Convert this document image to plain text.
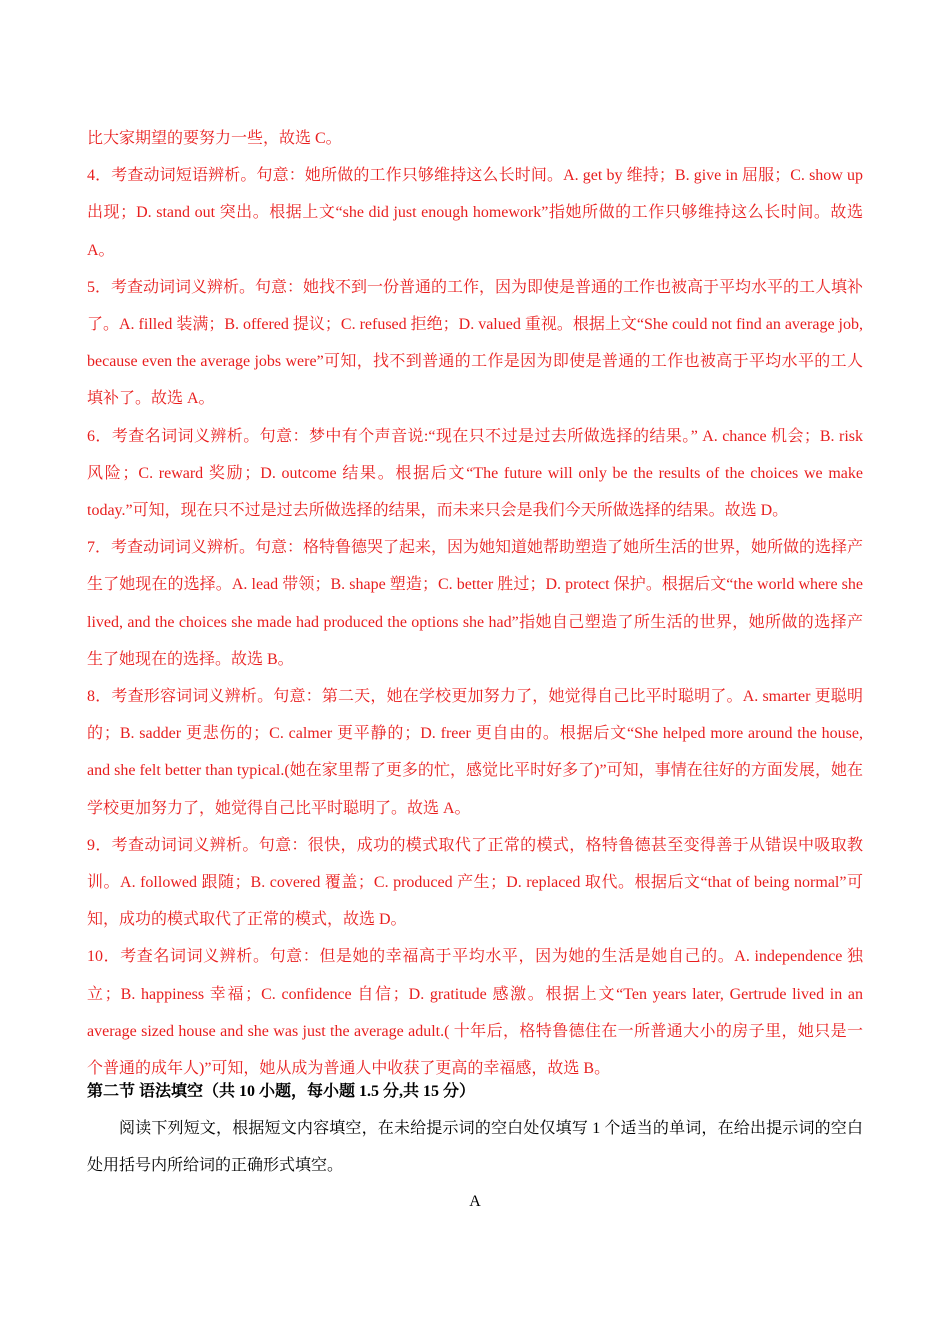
比大家期望的要努力一些，故选 C。

4．考查动词短语辨析。句意：她所做的工作只够维持这么长时间。A. get by 维持；B. give in 屈服；C. show up 出现；D. stand out 突出。根据上文“she did just enough homework”指她所做的工作只够维持这么长时间。故选 A。

5．考查动词词义辨析。句意：她找不到一份普通的工作，因为即使是普通的工作也被高于平均水平的工人填补了。A. filled 装满；B. offered 提议；C. refused 拒绝；D. valued 重视。根据上文“She could not find an average job, because even the average jobs were”可知，找不到普通的工作是因为即使是普通的工作也被高于平均水平的工人填补了。故选 A。

6．考查名词词义辨析。句意：梦中有个声音说:“现在只不过是过去所做选择的结果。” A. chance 机会；B. risk 风险；C. reward 奖励；D. outcome 结果。根据后文“The future will only be the results of the choices we make today.”可知，现在只不过是过去所做选择的结果，而未来只会是我们今天所做选择的结果。故选 D。

7．考查动词词义辨析。句意：格特鲁德哭了起来，因为她知道她帮助塑造了她所生活的世界，她所做的选择产生了她现在的选择。A. lead 带领；B. shape 塑造；C. better 胜过；D. protect 保护。根据后文“the world where she lived, and the choices she made had produced the options she had”指她自己塑造了所生活的世界，她所做的选择产生了她现在的选择。故选 B。

8．考查形容词词义辨析。句意：第二天，她在学校更加努力了，她觉得自己比平时聪明了。A. smarter 更聪明的；B. sadder 更悲伤的；C. calmer 更平静的；D. freer 更自由的。根据后文“She helped more around the house, and she felt better than typical.(她在家里帮了更多的忙，感觉比平时好多了)”可知，事情在往好的方面发展，她在学校更加努力了，她觉得自己比平时聪明了。故选 A。

9．考查动词词义辨析。句意：很快，成功的模式取代了正常的模式，格特鲁德甚至变得善于从错误中吸取教训。A. followed 跟随；B. covered 覆盖；C. produced 产生；D. replaced 取代。根据后文“that of being normal”可知，成功的模式取代了正常的模式，故选 D。

10．考查名词词义辨析。句意：但是她的幸福高于平均水平，因为她的生活是她自己的。A. independence 独立；B. happiness 幸福；C. confidence 自信；D. gratitude 感激。根据上文“Ten years later, Gertrude lived in an average sized house and she was just the average adult.( 十年后，格特鲁德住在一所普通大小的房子里，她只是一个普通的成年人)”可知，她从成为普通人中收获了更高的幸福感，故选 B。

第二节 语法填空（共 10 小题，每小题 1.5 分,共 15 分）

阅读下列短文，根据短文内容填空，在未给提示词的空白处仅填写 1 个适当的单词，在给出提示词的空白处用括号内所给词的正确形式填空。

A
